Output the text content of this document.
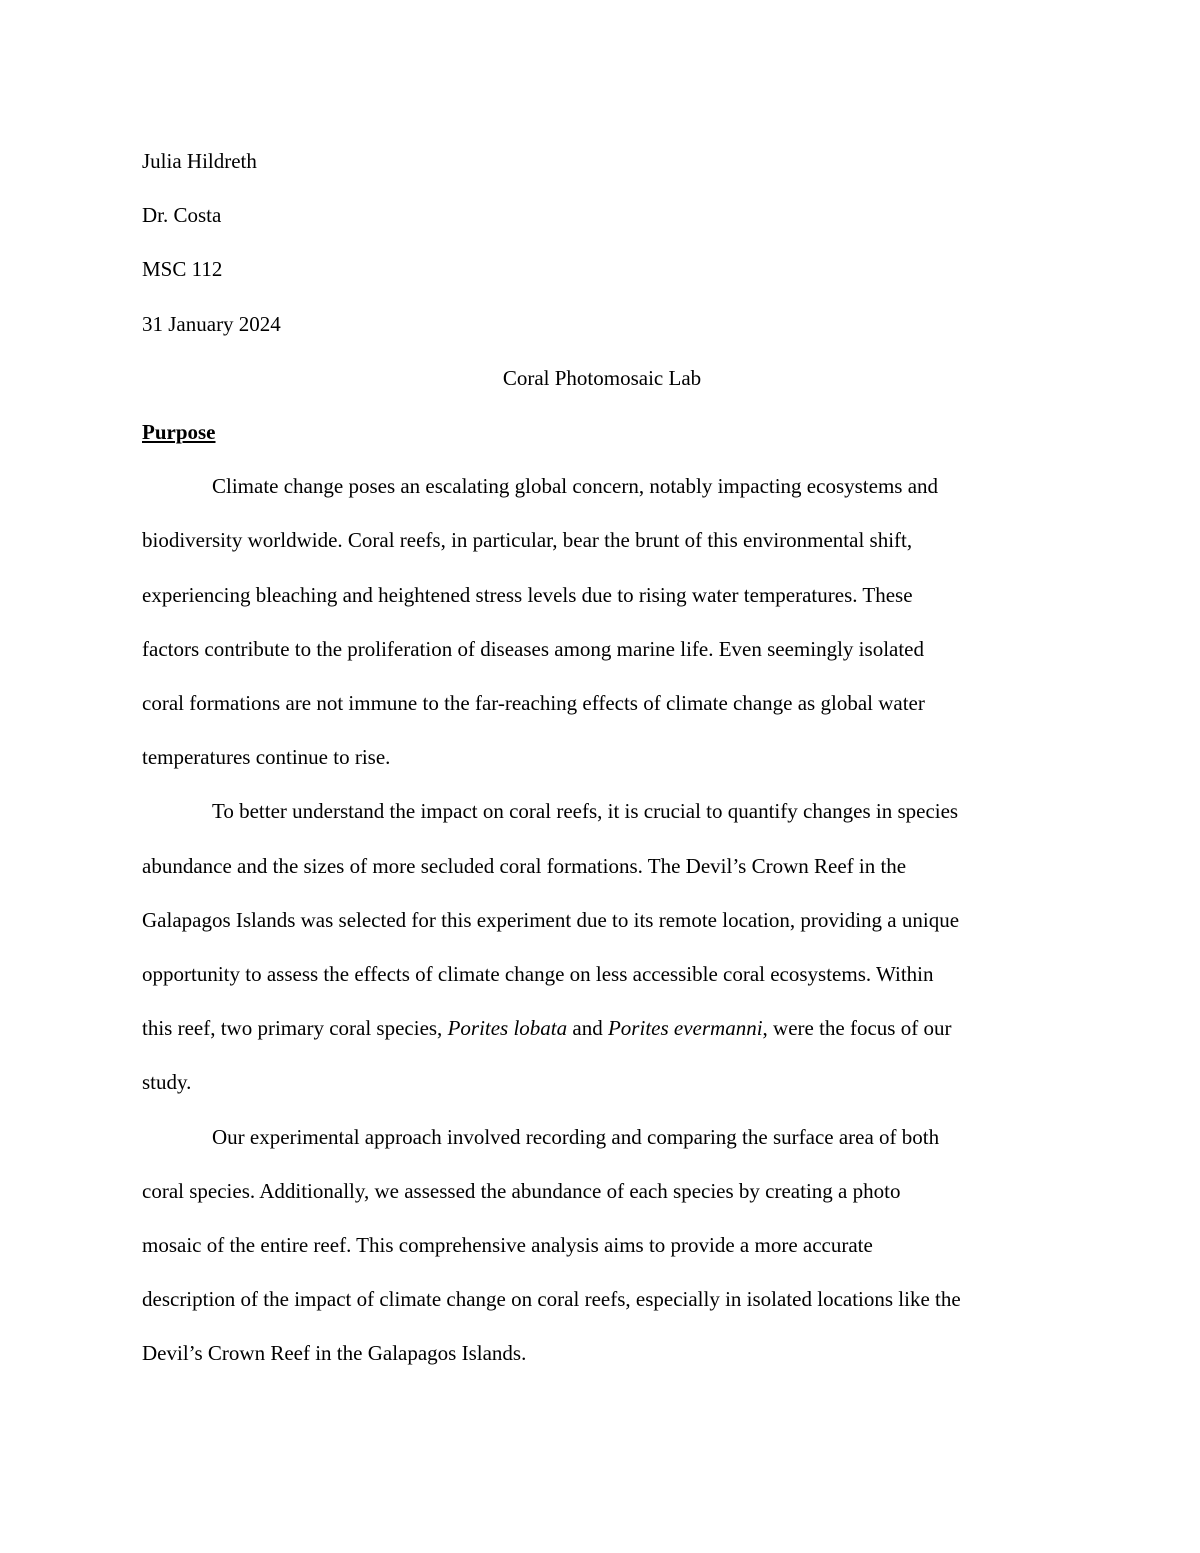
Julia Hildreth
Dr. Costa
MSC 112
31 January 2024
Coral Photomosaic Lab
Purpose
Climate change poses an escalating global concern, notably impacting ecosystems and
biodiversity worldwide. Coral reefs, in particular, bear the brunt of this environmental shift,
experiencing bleaching and heightened stress levels due to rising water temperatures. These
factors contribute to the proliferation of diseases among marine life. Even seemingly isolated
coral formations are not immune to the far-reaching effects of climate change as global water
temperatures continue to rise.
To better understand the impact on coral reefs, it is crucial to quantify changes in species
abundance and the sizes of more secluded coral formations. The Devil’s Crown Reef in the
Galapagos Islands was selected for this experiment due to its remote location, providing a unique
opportunity to assess the effects of climate change on less accessible coral ecosystems. Within
this reef, two primary coral species, Porites lobata and Porites evermanni, were the focus of our
study.
Our experimental approach involved recording and comparing the surface area of both
coral species. Additionally, we assessed the abundance of each species by creating a photo
mosaic of the entire reef. This comprehensive analysis aims to provide a more accurate
description of the impact of climate change on coral reefs, especially in isolated locations like the
Devil’s Crown Reef in the Galapagos Islands.
